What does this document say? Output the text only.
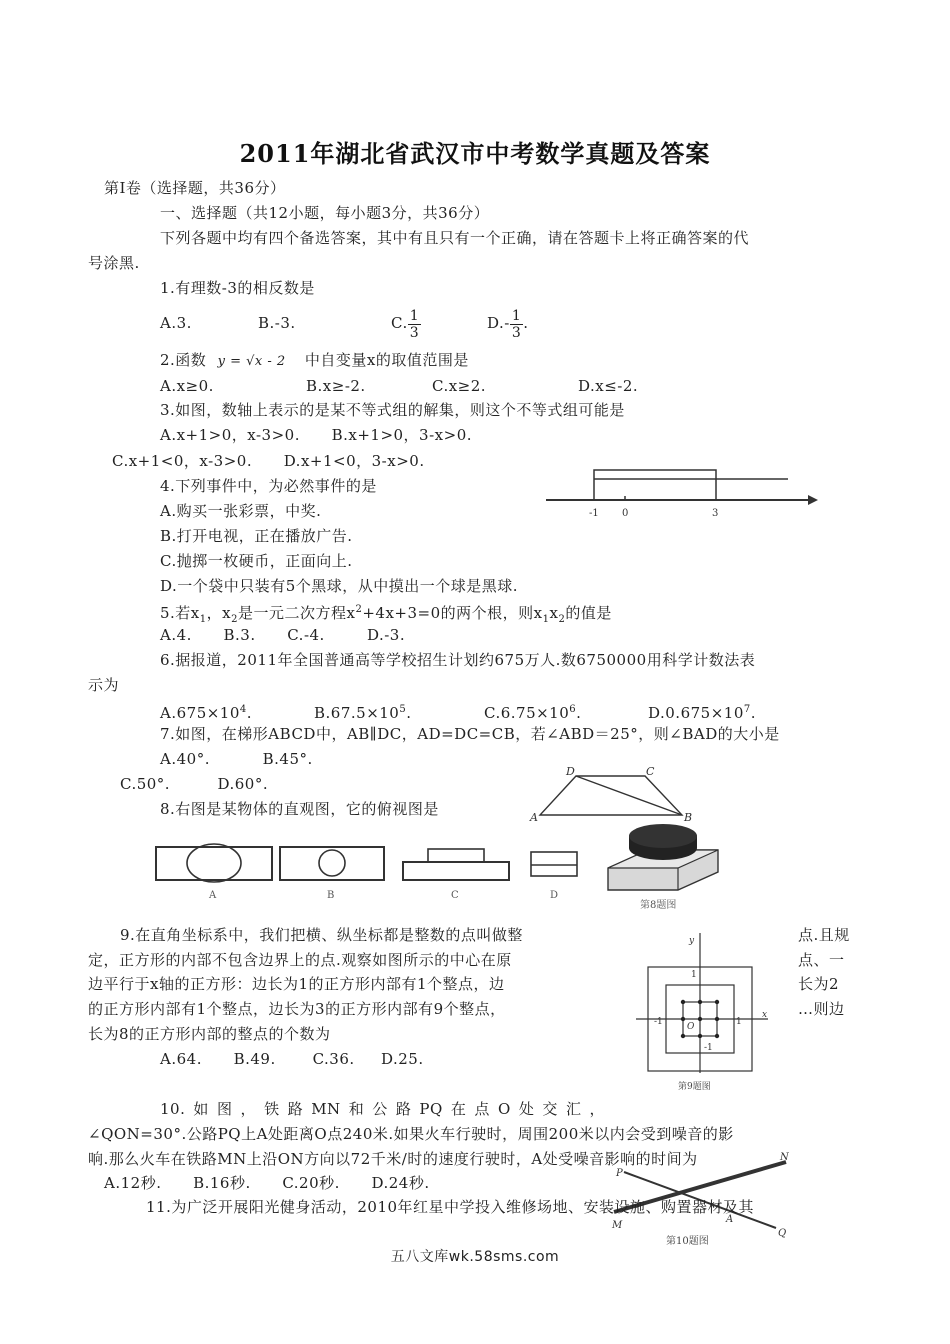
2011年湖北省武汉市中考数学真题及答案
第Ⅰ卷（选择题，共36分）
一、选择题（共12小题，每小题3分，共36分）
下列各题中均有四个备选答案，其中有且只有一个正确，请在答题卡上将正确答案的代
号涂黑.
1.有理数-3的相反数是
A.3.	B.-3.	C. $\frac{1}{3}$	$D.- \frac{1}{3}$ .
2.函数 y = √x - 2 中自变量x的取值范围是
A.x≥0.	B.x≥-2.	C.x≥2.	D.x≤-2.
3.如图，数轴上表示的是某不等式组的解集，则这个不等式组可能是
A.x+1>0，x-3>0.      B.x+1>0，3-x>0.
C.x+1<0，x-3>0.      D.x+1<0，3-x>0.
-1 0	3
4.下列事件中，为必然事件的是
A.购买一张彩票，中奖.
B.打开电视，正在播放广告.
C.抛掷一枚硬币，正面向上.
D.一个袋中只装有5个黑球，从中摸出一个球是黑球.
5.若$x_1$，$x_2$是一元二次方程$x^2+4x+3=0$的两个根，则$x_1x_2$的值是
A.4.      B.3.      C.-4.        D.-3.
6.据报道，2011年全国普通高等学校招生计划约675万人.数6750000用科学计数法表
示为
$A.675\times 10^4$.	$B.67.5\times 10^5$.	$C.6.75\times 10^6$.	$D.0.675\times 10^7$.
7.如图，在梯形ABCD中，AB∥DC，AD=DC=CB，若∠ABD＝25°，则∠BAD的大小是
A.40°.          B.45°.
C.50°.         D.60°.
D	C
A	B
8.右图是某物体的直观图，它的俯视图是
A	B	C	D
第8题图
9.在直角坐标系中，我们把横、纵坐标都是整数的点叫做整	点.且规
定，正方形的内部不包含边界上的点.观察如图所示的中心在原	点、一
边平行于x轴的正方形：边长为1的正方形内部有1个整点，边	长为2
的正方形内部有1个整点，边长为3的正方形内部有9个整点，	…则边
长为8的正方形内部的整点的个数为
A.64.      B.49.       C.36.     D.25.
y
1
-1	O	1
x
-1
第9题图
10.如图，铁路MN和公路PQ在点O处交汇，
∠QON=30°.公路PQ上A处距离O点240米.如果火车行驶时，周围200米以内会受到噪音的影
响.那么火车在铁路MN上沿ON方向以72千米/时的速度行驶时，A处受噪音影响的时间为
A.12秒.      B.16秒.      C.20秒.      D.24秒.
P
M
A
N
Q
第10题图
11.为广泛开展阳光健身活动，2010年红星中学投入维修场地、安装设施、购置器材及其
五八文库wk.58sms.com
